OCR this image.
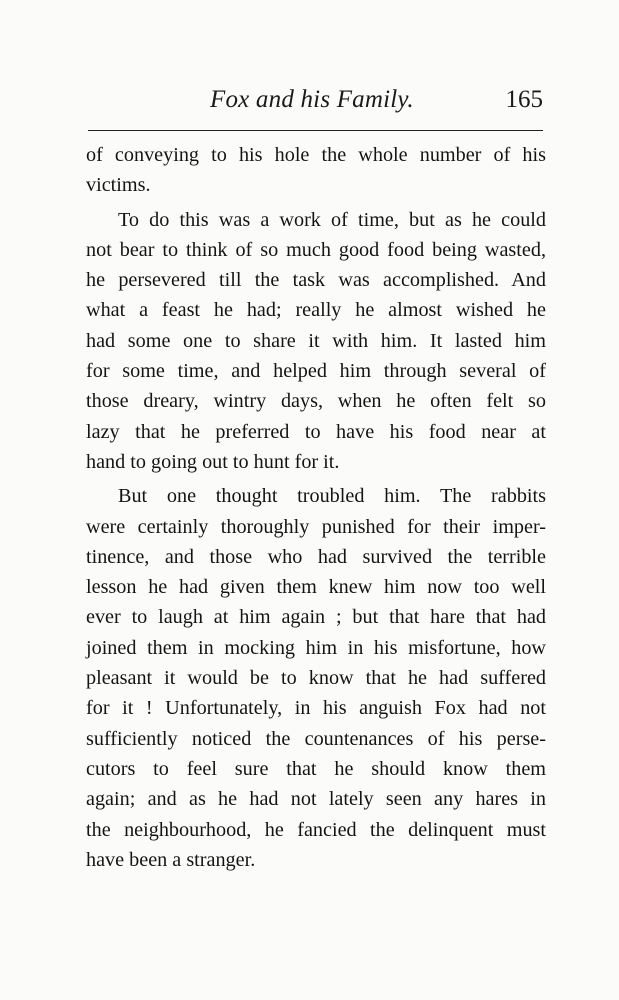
Fox and his Family.	165
of conveying to his hole the whole number of his
victims.
To do this was a work of time, but as he could
not bear to think of so much good food being wasted,
he persevered till the task was accomplished. And
what a feast he had; really he almost wished he
had some one to share it with him. It lasted him
for some time, and helped him through several of
those dreary, wintry days, when he often felt so
lazy that he preferred to have his food near at
hand to going out to hunt for it.
But one thought troubled him. The rabbits
were certainly thoroughly punished for their imper-
tinence, and those who had survived the terrible
lesson he had given them knew him now too well
ever to laugh at him again ; but that hare that had
joined them in mocking him in his misfortune, how
pleasant it would be to know that he had suffered
for it ! Unfortunately, in his anguish Fox had not
sufficiently noticed the countenances of his perse-
cutors to feel sure that he should know them
again; and as he had not lately seen any hares in
the neighbourhood, he fancied the delinquent must
have been a stranger.
